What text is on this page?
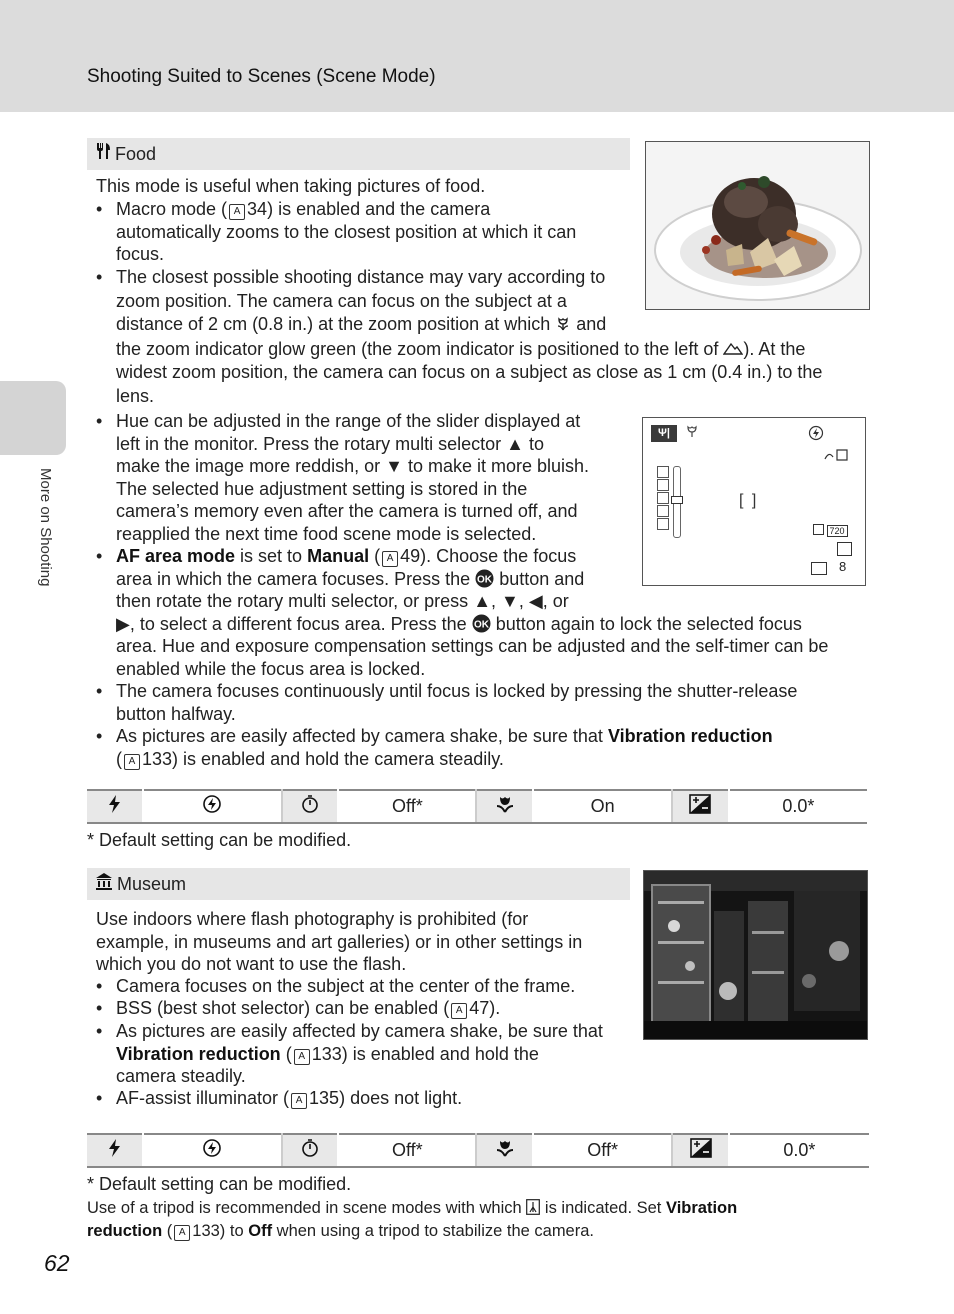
Shooting Suited to Scenes (Scene Mode)
More on Shooting
Food
This mode is useful when taking pictures of food.
• Macro mode ( A 34) is enabled and the camera
automatically zooms to the closest position at which it can
focus.
• The closest possible shooting distance may vary according to
zoom position. The camera can focus on the subject at a
distance of 2 cm (0.8 in.) at the zoom position at which and
the zoom indicator glow green (the zoom indicator is positioned to the left of ). At the
widest zoom position, the camera can focus on a subject as close as 1 cm (0.4 in.) to the
lens.
• Hue can be adjusted in the range of the slider displayed at
left in the monitor. Press the rotary multi selector ▲ to
make the image more reddish, or ▼ to make it more bluish.
The selected hue adjustment setting is stored in the
camera’s memory even after the camera is turned off, and
reapplied the next time food scene mode is selected.
Ψ|
[ ]
720
8
• AF area mode is set to Manual ( A 49). Choose the focus
area in which the camera focuses. Press the OK button and
then rotate the rotary multi selector, or press ▲, ▼, ◀, or
▶, to select a different focus area. Press the OK button again to lock the selected focus
area. Hue and exposure compensation settings can be adjusted and the self-timer can be
enabled while the focus area is locked.
• The camera focuses continuously until focus is locked by pressing the shutter-release
button halfway.
• As pictures are easily affected by camera shake, be sure that Vibration reduction
( A 133) is enabled and hold the camera steadily.
			Off*		On		0.0*
* Default setting can be modified.
Museum
Use indoors where flash photography is prohibited (for
example, in museums and art galleries) or in other settings in
which you do not want to use the flash.
• Camera focuses on the subject at the center of the frame.
• BSS (best shot selector) can be enabled ( A 47).
• As pictures are easily affected by camera shake, be sure that
Vibration reduction ( A 133) is enabled and hold the
camera steadily.
• AF-assist illuminator ( A 135) does not light.
			Off*		Off*		0.0*
* Default setting can be modified.
Use of a tripod is recommended in scene modes with which is indicated. Set Vibration
reduction ( A 133) to Off when using a tripod to stabilize the camera.
62
